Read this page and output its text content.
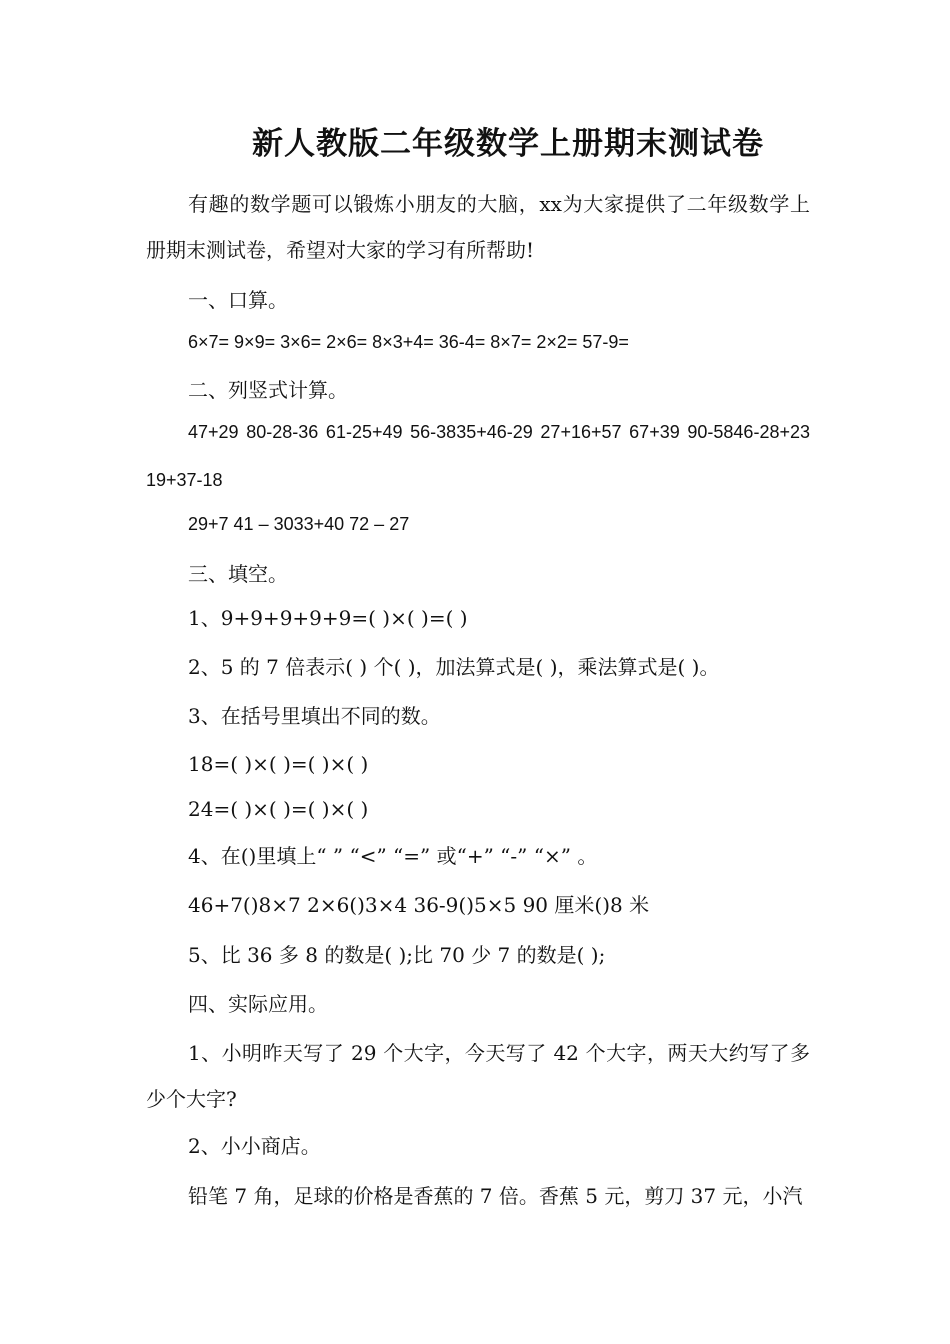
新人教版二年级数学上册期末测试卷
有趣的数学题可以锻炼小朋友的大脑，xx为大家提供了二年级数学上册期末测试卷，希望对大家的学习有所帮助!
一、口算。
6×7= 9×9= 3×6= 2×6= 8×3+4= 36-4= 8×7= 2×2= 57-9=
二、列竖式计算。
47+29 80-28-36 61-25+49 56-3835+46-29 27+16+57 67+39 90-5846-28+23 19+37-18
29+7 41 – 3033+40 72 – 27
三、填空。
1、9+9+9+9+9=( )×( )=( )
2、5 的 7 倍表示( ) 个( )，加法算式是( )，乘法算式是( )。
3、在括号里填出不同的数。
18=( )×( )=( )×( )
24=( )×( )=( )×( )
4、在()里填上“ ” “<” “=” 或“+” “-” “×” 。
46+7()8×7 2×6()3×4 36-9()5×5 90 厘米()8 米
5、比 36 多 8 的数是( );比 70 少 7 的数是( );
四、实际应用。
1、小明昨天写了 29 个大字，今天写了 42 个大字，两天大约写了多少个大字?
2、小小商店。
铅笔 7 角，足球的价格是香蕉的 7 倍。香蕉 5 元，剪刀 37 元，小汽
